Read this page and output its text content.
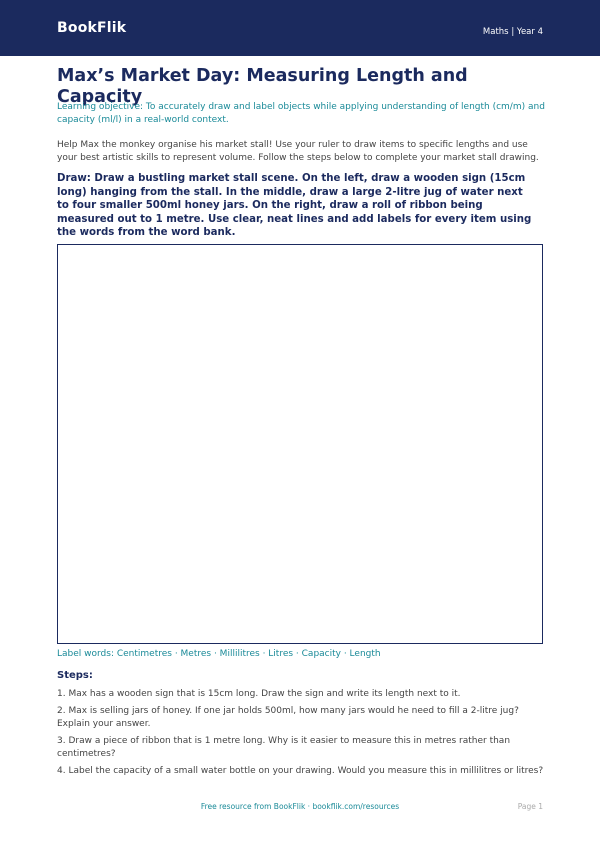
BookFlik	Maths | Year 4
Max’s Market Day: Measuring Length and Capacity
Learning objective: To accurately draw and label objects while applying understanding of length (cm/m) and capacity (ml/l) in a real-world context.
Help Max the monkey organise his market stall! Use your ruler to draw items to specific lengths and use your best artistic skills to represent volume. Follow the steps below to complete your market stall drawing.
Draw: Draw a bustling market stall scene. On the left, draw a wooden sign (15cm long) hanging from the stall. In the middle, draw a large 2-litre jug of water next to four smaller 500ml honey jars. On the right, draw a roll of ribbon being measured out to 1 metre. Use clear, neat lines and add labels for every item using the words from the word bank.
Label words: Centimetres · Metres · Millilitres · Litres · Capacity · Length
Steps:
1. Max has a wooden sign that is 15cm long. Draw the sign and write its length next to it.
2. Max is selling jars of honey. If one jar holds 500ml, how many jars would he need to fill a 2-litre jug? Explain your answer.
3. Draw a piece of ribbon that is 1 metre long. Why is it easier to measure this in metres rather than centimetres?
4. Label the capacity of a small water bottle on your drawing. Would you measure this in millilitres or litres?
Free resource from BookFlik · bookflik.com/resources	Page 1
